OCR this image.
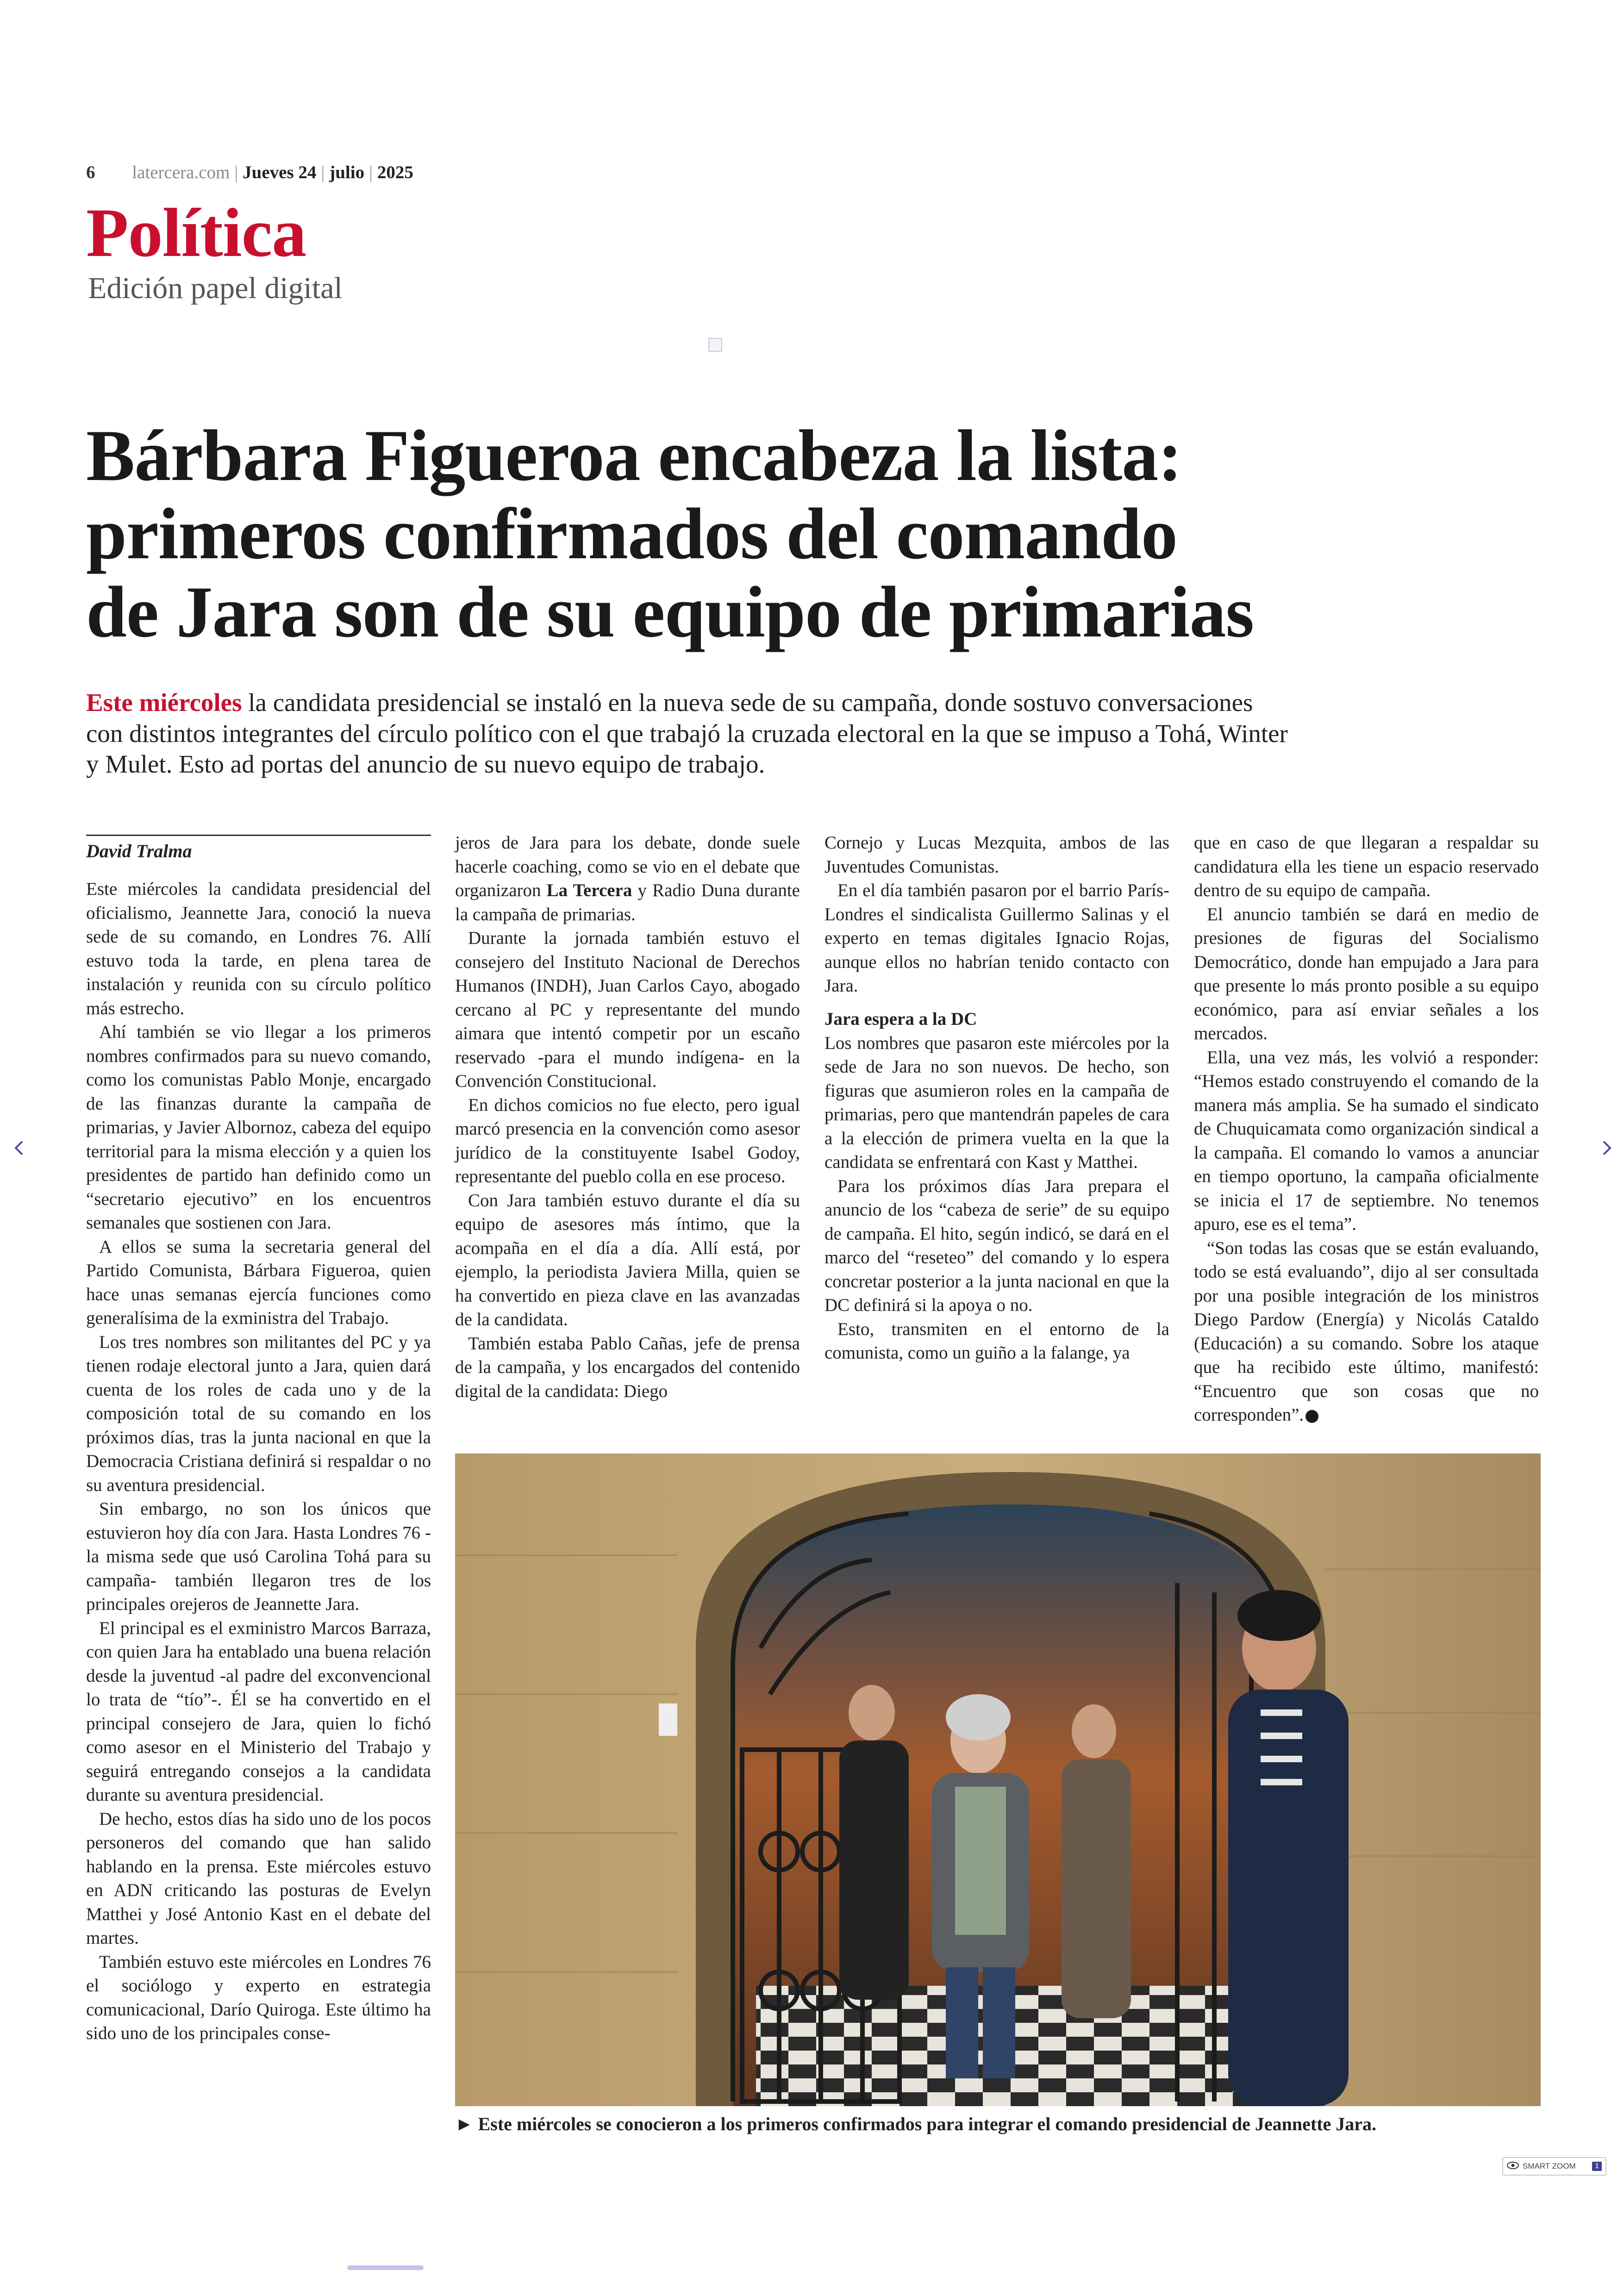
6 latercera.com | Jueves 24 | julio | 2025
Política
Edición papel digital
Bárbara Figueroa encabeza la lista:
primeros confirmados del comando
de Jara son de su equipo de primarias
Este miércoles la candidata presidencial se instaló en la nueva sede de su campaña, donde sostuvo conversaciones con distintos integrantes del círculo político con el que trabajó la cruzada electoral en la que se impuso a Tohá, Winter y Mulet. Esto ad portas del anuncio de su nuevo equipo de trabajo.
David Tralma

Este miércoles la candidata presidencial del oficialismo, Jeannette Jara, conoció la nueva sede de su comando, en Londres 76. Allí estuvo toda la tarde, en plena tarea de instalación y reunida con su círculo político más estrecho.

Ahí también se vio llegar a los primeros nombres confirmados para su nuevo comando, como los comunistas Pablo Monje, encargado de las finanzas durante la campaña de primarias, y Javier Albornoz, cabeza del equipo territorial para la misma elección y a quien los presidentes de partido han definido como un “secretario ejecutivo” en los encuentros semanales que sostienen con Jara.

A ellos se suma la secretaria general del Partido Comunista, Bárbara Figueroa, quien hace unas semanas ejercía funciones como generalísima de la exministra del Trabajo.

Los tres nombres son militantes del PC y ya tienen rodaje electoral junto a Jara, quien dará cuenta de los roles de cada uno y de la composición total de su comando en los próximos días, tras la junta nacional en que la Democracia Cristiana definirá si respaldar o no su aventura presidencial.

Sin embargo, no son los únicos que estuvieron hoy día con Jara. Hasta Londres 76 -la misma sede que usó Carolina Tohá para su campaña- también llegaron tres de los principales orejeros de Jeannette Jara.

El principal es el exministro Marcos Barraza, con quien Jara ha entablado una buena relación desde la juventud -al padre del exconvencional lo trata de “tío”-. Él se ha convertido en el principal consejero de Jara, quien lo fichó como asesor en el Ministerio del Trabajo y seguirá entregando consejos a la candidata durante su aventura presidencial.

De hecho, estos días ha sido uno de los pocos personeros del comando que han salido hablando en la prensa. Este miércoles estuvo en ADN criticando las posturas de Evelyn Matthei y José Antonio Kast en el debate del martes.

También estuvo este miércoles en Londres 76 el sociólogo y experto en estrategia comunicacional, Darío Quiroga. Este último ha sido uno de los principales conse-

jeros de Jara para los debate, donde suele hacerle coaching, como se vio en el debate que organizaron La Tercera y Radio Duna durante la campaña de primarias.

Durante la jornada también estuvo el consejero del Instituto Nacional de Derechos Humanos (INDH), Juan Carlos Cayo, abogado cercano al PC y representante del mundo aimara que intentó competir por un escaño reservado -para el mundo indígena- en la Convención Constitucional.

En dichos comicios no fue electo, pero igual marcó presencia en la convención como asesor jurídico de la constituyente Isabel Godoy, representante del pueblo colla en ese proceso.

Con Jara también estuvo durante el día su equipo de asesores más íntimo, que la acompaña en el día a día. Allí está, por ejemplo, la periodista Javiera Milla, quien se ha convertido en pieza clave en las avanzadas de la candidata.

También estaba Pablo Cañas, jefe de prensa de la campaña, y los encargados del contenido digital de la candidata: Diego

Cornejo y Lucas Mezquita, ambos de las Juventudes Comunistas.

En el día también pasaron por el barrio París-Londres el sindicalista Guillermo Salinas y el experto en temas digitales Ignacio Rojas, aunque ellos no habrían tenido contacto con Jara.

Jara espera a la DC

Los nombres que pasaron este miércoles por la sede de Jara no son nuevos. De hecho, son figuras que asumieron roles en la campaña de primarias, pero que mantendrán papeles de cara a la elección de primera vuelta en la que la candidata se enfrentará con Kast y Matthei.

Para los próximos días Jara prepara el anuncio de los “cabeza de serie” de su equipo de campaña. El hito, según indicó, se dará en el marco del “reseteo” del comando y lo espera concretar posterior a la junta nacional en que la DC definirá si la apoya o no.

Esto, transmiten en el entorno de la comunista, como un guiño a la falange, ya

que en caso de que llegaran a respaldar su candidatura ella les tiene un espacio reservado dentro de su equipo de campaña.

El anuncio también se dará en medio de presiones de figuras del Socialismo Democrático, donde han empujado a Jara para que presente lo más pronto posible a su equipo económico, para así enviar señales a los mercados.

Ella, una vez más, les volvió a responder: “Hemos estado construyendo el comando de la manera más amplia. Se ha sumado el sindicato de Chuquicamata como organización sindical a la campaña. El comando lo vamos a anunciar en tiempo oportuno, la campaña oficialmente se inicia el 17 de septiembre. No tenemos apuro, ese es el tema”.

“Son todas las cosas que se están evaluando, todo se está evaluando”, dijo al ser consultada por una posible integración de los ministros Diego Pardow (Energía) y Nicolás Cataldo (Educación) a su comando. Sobre los ataque que ha recibido este último, manifestó: “Encuentro que son cosas que no corresponden”.

► Este miércoles se conocieron a los primeros confirmados para integrar el comando presidencial de Jeannette Jara.
SMART ZOOM	1
